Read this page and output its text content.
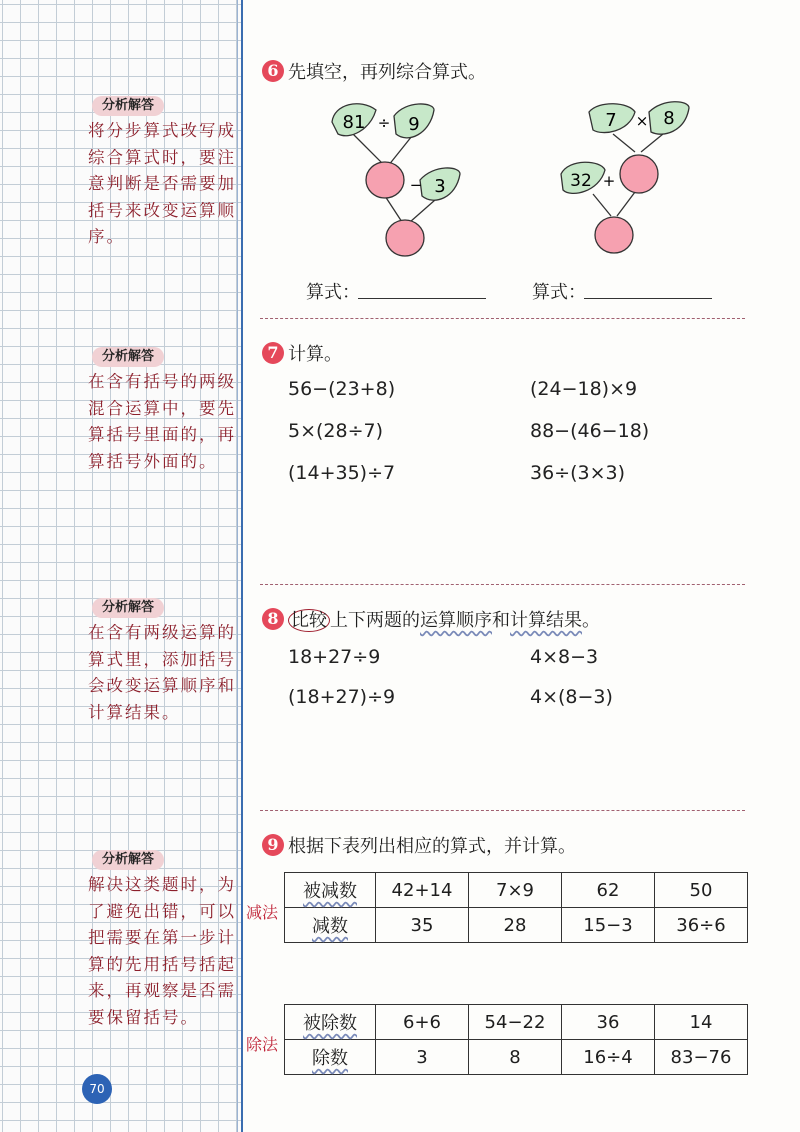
分析解答
将分步算式改写成综合算式时，要注意判断是否需要加括号来改变运算顺序。
分析解答
在含有括号的两级混合运算中，要先算括号里面的，再算括号外面的。
分析解答
在含有两级运算的算式里，添加括号会改变运算顺序和计算结果。
分析解答
解决这类题时，为了避免出错，可以把需要在第一步计算的先用括号括起来，再观察是否需要保留括号。
70
6 先填空，再列综合算式。
81 ÷ 9
− 3
7 × 8
32 +
算式：	算式：
7 计算。
56−(23+8)	(24−18)×9
5×(28÷7)	88−(46−18)
(14+35)÷7	36÷(3×3)
8 比较 上下两题的运算顺序和计算结果。
18+27÷9	4×8−3
(18+27)÷9	4×(8−3)
9 根据下表列出相应的算式，并计算。
减法
被减数	42+14	7×9	62	50
减数	35	28	15−3	36÷6
除法
被除数	6+6	54−22	36	14
除数	3	8	16÷4	83−76
